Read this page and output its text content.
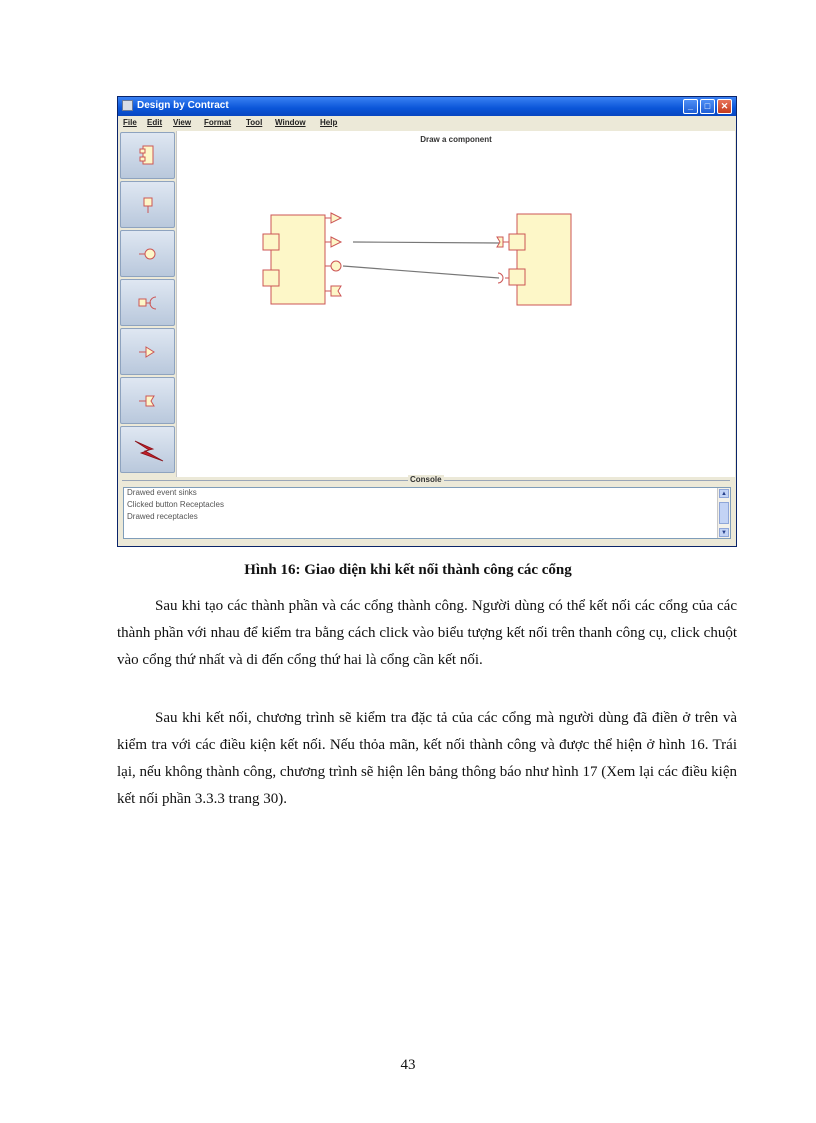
Design by Contract	_	□	✕
File Edit View Format Tool Window Help
Draw a component
Console
Drawed event sinks
Clicked button Receptacles
Drawed receptacles
▲
▼
Hình 16: Giao diện khi kết nối thành công các cổng

Sau khi tạo các thành phần và các cổng thành công. Người dùng có thể kết nối các cổng của các thành phần với nhau để kiểm tra bằng cách click vào biểu tượng kết nối trên thanh công cụ, click chuột vào cổng thứ nhất và di đến cổng thứ hai là cổng cần kết nối.

Sau khi kết nối, chương trình sẽ kiểm tra đặc tả của các cổng mà người dùng đã điền ở trên và kiểm tra với các điều kiện kết nối. Nếu thỏa mãn, kết nối thành công và được thể hiện ở hình 16. Trái lại, nếu không thành công, chương trình sẽ hiện lên bảng thông báo như hình 17 (Xem lại các điều kiện kết nối phần 3.3.3 trang 30).

43
